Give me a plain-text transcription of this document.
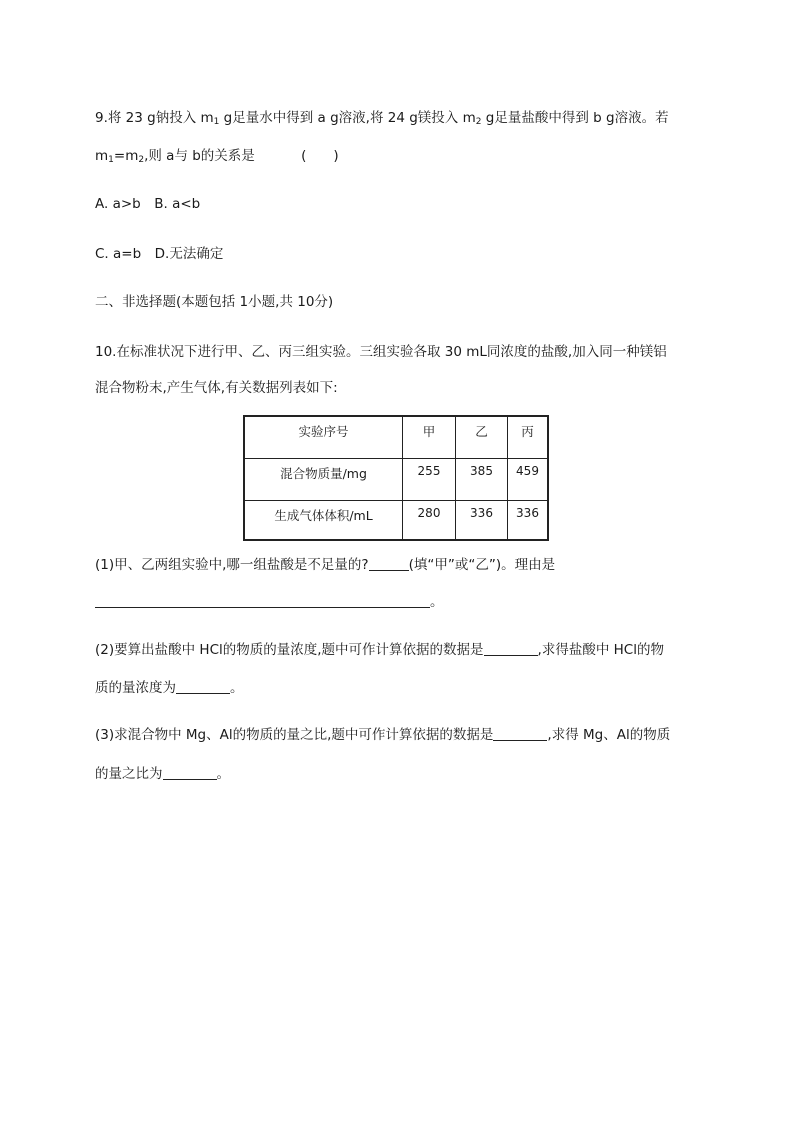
9.将 23 g钠投入 $m_1$ g足量水中得到 a g溶液,将 24 g镁投入 $m_2$ g足量盐酸中得到 b g溶液。若
$m_1=m_2$,则 a与 b的关系是	(　　)
A. a>b　B. a<b
C. a=b　D.无法确定
二、非选择题(本题包括 1小题,共 10分)
10.在标准状况下进行甲、乙、丙三组实验。三组实验各取 30 mL同浓度的盐酸,加入同一种镁铝
混合物粉末,产生气体,有关数据列表如下:
实验序号	甲	乙	丙
混合物质量/mg	255	385	459
生成气体体积/mL	280	336	336
(1)甲、乙两组实验中,哪一组盐酸是不足量的?	(填“甲”或“乙”)。理由是
。
(2)要算出盐酸中 HCl的物质的量浓度,题中可作计算依据的数据是	,求得盐酸中 HCl的物
质的量浓度为	。
(3)求混合物中 Mg、Al的物质的量之比,题中可作计算依据的数据是	,求得 Mg、Al的物质
的量之比为	。
